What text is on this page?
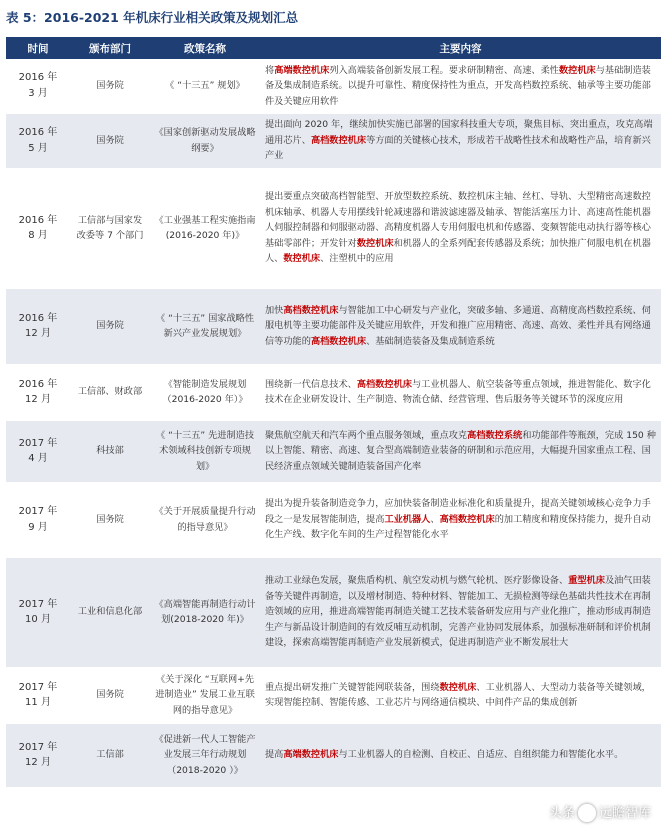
表 5：2016-2021 年机床行业相关政策及规划汇总
时间	颁布部门	政策名称	主要内容
2016 年
3 月	国务院	《 “十三五” 规划》	将高端数控机床列入高端装备创新发展工程。要求研制精密、高速、柔性数控机床与基础制造装备及集成制造系统。以提升可靠性、精度保持性为重点，开发高档数控系统、轴承等主要功能部件及关键应用软件
2016 年
5 月	国务院	《国家创新驱动发展战略纲要》	提出面向 2020 年，继续加快实施已部署的国家科技重大专项，聚焦目标、突出重点，攻克高端通用芯片、高档数控机床等方面的关键核心技术，形成若干战略性技术和战略性产品，培育新兴产业
2016 年
8 月	工信部与国家发改委等 7 个部门	《工业强基工程实施指南(2016-2020 年)》	提出要重点突破高档智能型、开放型数控系统、数控机床主轴、丝杠、导轨、大型精密高速数控机床轴承、机器人专用摆线针轮减速器和谐波滤速器及轴承、智能活塞压力计、高速高性能机器人伺服控制器和伺服驱动器、高精度机器人专用伺服电机和传感器、变频智能电动执行器等核心基础零部件；开发针对数控机床和机器人的全系列配套传感器及系统；加快推广伺服电机在机器人、数控机床、注塑机中的应用
2016 年
12 月	国务院	《 “十三五” 国家战略性新兴产业发展规划》	加快高档数控机床与智能加工中心研发与产业化，突破多轴、多通道、高精度高档数控系统、伺服电机等主要功能部件及关键应用软件，开发和推广应用精密、高速、高效、柔性并具有网络通信等功能的高档数控机床、基础制造装备及集成制造系统
2016 年
12 月	工信部、财政部	《智能制造发展规划（2016-2020 年）》	围绕新一代信息技术、高档数控机床与工业机器人、航空装备等重点领域，推进智能化、数字化技术在企业研发设计、生产制造、物流仓储、经营管理、售后服务等关键环节的深度应用
2017 年
4 月	科技部	《 “十三五” 先进制造技术领域科技创新专项规划》	聚焦航空航天和汽车两个重点服务领域，重点攻克高档数控系统和功能部件等瓶颈，完成 150 种以上智能、精密、高速、复合型高端制造业装备的研制和示范应用，大幅提升国家重点工程、国民经济重点领域关键制造装备国产化率
2017 年
9 月	国务院	《关于开展质量提升行动的指导意见》	提出为提升装备制造竞争力，应加快装备制造业标准化和质量提升，提高关键领域核心竞争力手段之一是发展智能制造，提高工业机器人、高档数控机床的加工精度和精度保持能力，提升自动化生产线、数字化车间的生产过程智能化水平
2017 年
10 月	工业和信息化部	《高端智能再制造行动计划(2018-2020 年)》	推动工业绿色发展，聚焦盾构机、航空发动机与燃气轮机、医疗影像设备、重型机床及油气田装备等关键件再制造，以及增材制造、特种材料、智能加工、无损检测等绿色基础共性技术在再制造领域的应用，推进高端智能再制造关键工艺技术装备研发应用与产业化推广，推动形成再制造生产与新品设计制造间的有效反哺互动机制，完善产业协同发展体系，加强标准研制和评价机制建设，探索高端智能再制造产业发展新模式，促进再制造产业不断发展壮大
2017 年
11 月	国务院	《关于深化 “互联网+先进制造业” 发展工业互联网的指导意见》	重点提出研发推广关键智能网联装备，围绕数控机床、工业机器人、大型动力装备等关键领域，实现智能控制、智能传感、工业芯片与网络通信模块、中间件产品的集成创新
2017 年
12 月	工信部	《促进新一代人工智能产业发展三年行动规划（2018-2020 ）》	提高高端数控机床与工业机器人的自检测、自校正、自适应、自组织能力和智能化水平。
头条 远瞻智库
